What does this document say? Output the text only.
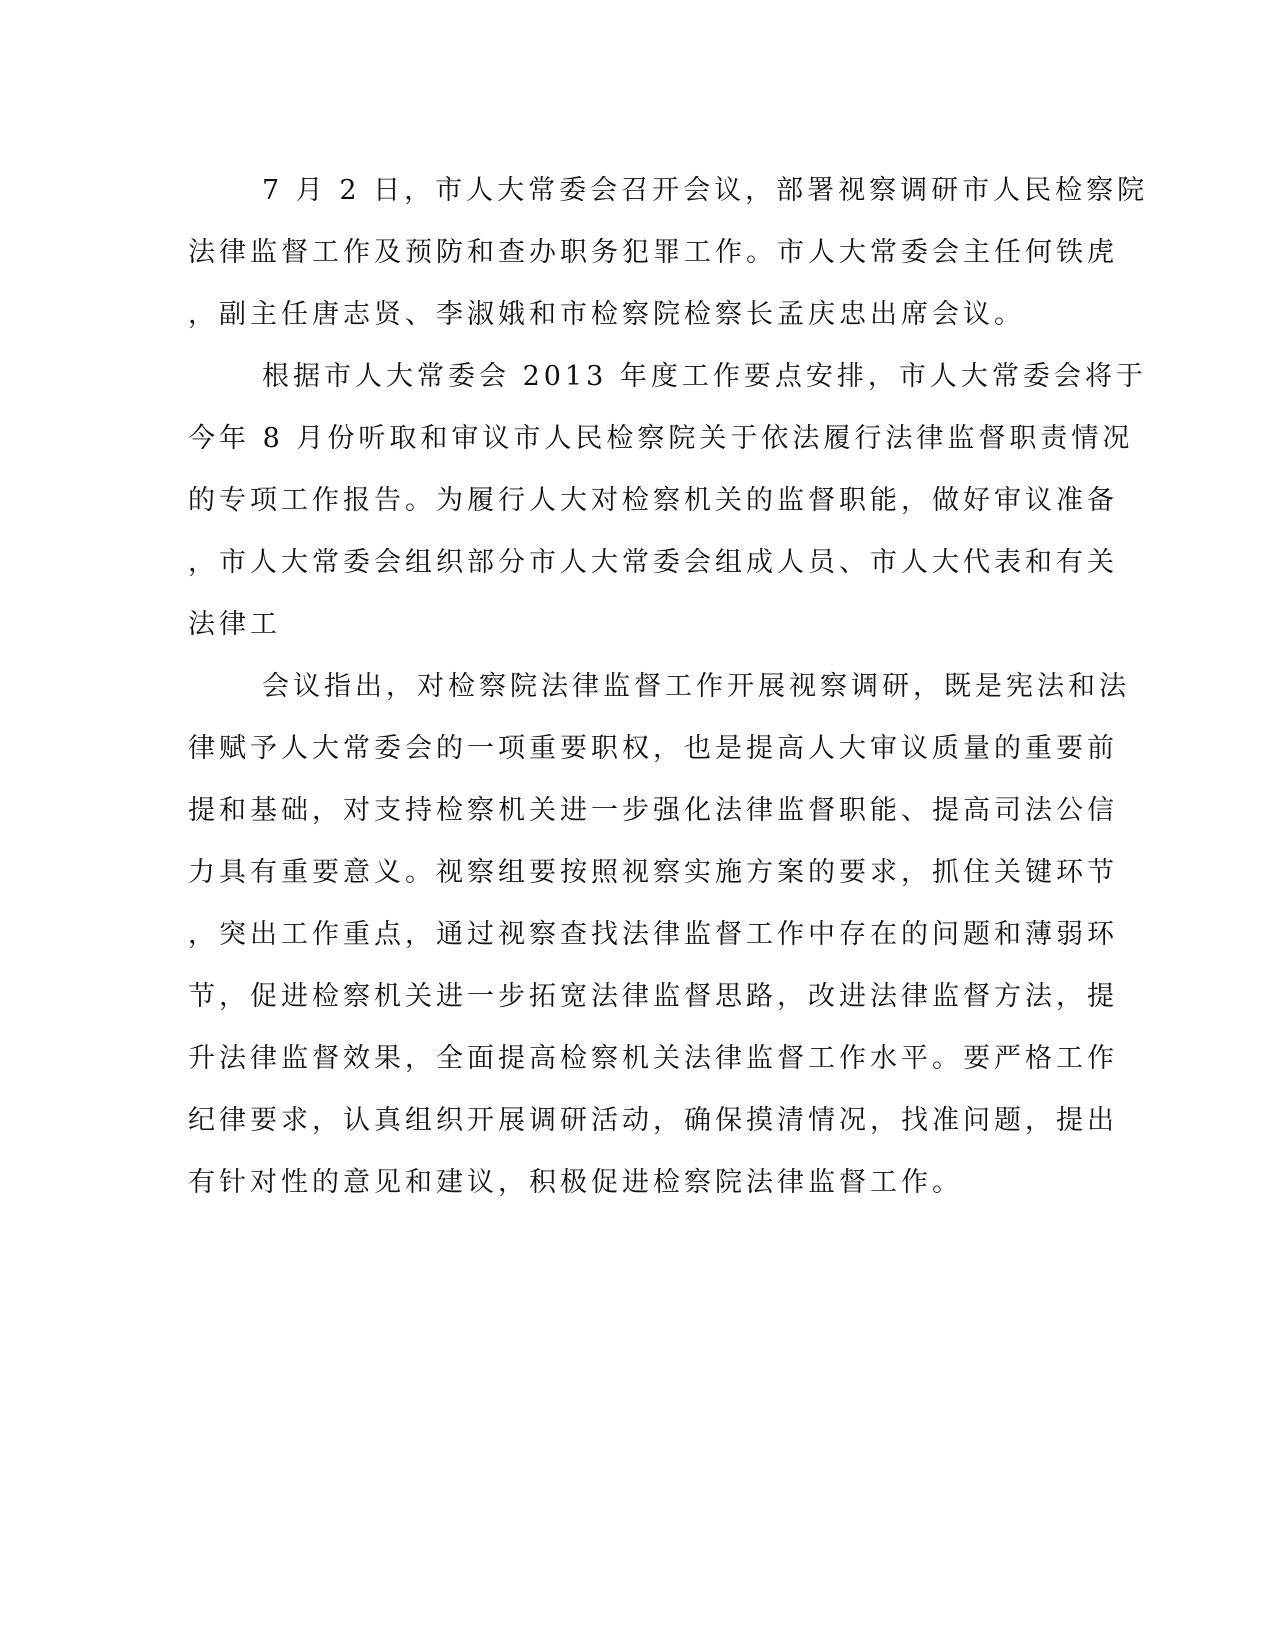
7 月 2 日，市人大常委会召开会议，部署视察调研市人民检察院
法律监督工作及预防和查办职务犯罪工作。市人大常委会主任何铁虎
，副主任唐志贤、李淑娥和市检察院检察长孟庆忠出席会议。
根据市人大常委会 2013 年度工作要点安排，市人大常委会将于
今年 8 月份听取和审议市人民检察院关于依法履行法律监督职责情况
的专项工作报告。为履行人大对检察机关的监督职能，做好审议准备
，市人大常委会组织部分市人大常委会组成人员、市人大代表和有关
法律工
会议指出，对检察院法律监督工作开展视察调研，既是宪法和法
律赋予人大常委会的一项重要职权，也是提高人大审议质量的重要前
提和基础，对支持检察机关进一步强化法律监督职能、提高司法公信
力具有重要意义。视察组要按照视察实施方案的要求，抓住关键环节
，突出工作重点，通过视察查找法律监督工作中存在的问题和薄弱环
节，促进检察机关进一步拓宽法律监督思路，改进法律监督方法，提
升法律监督效果，全面提高检察机关法律监督工作水平。要严格工作
纪律要求，认真组织开展调研活动，确保摸清情况，找准问题，提出
有针对性的意见和建议，积极促进检察院法律监督工作。
